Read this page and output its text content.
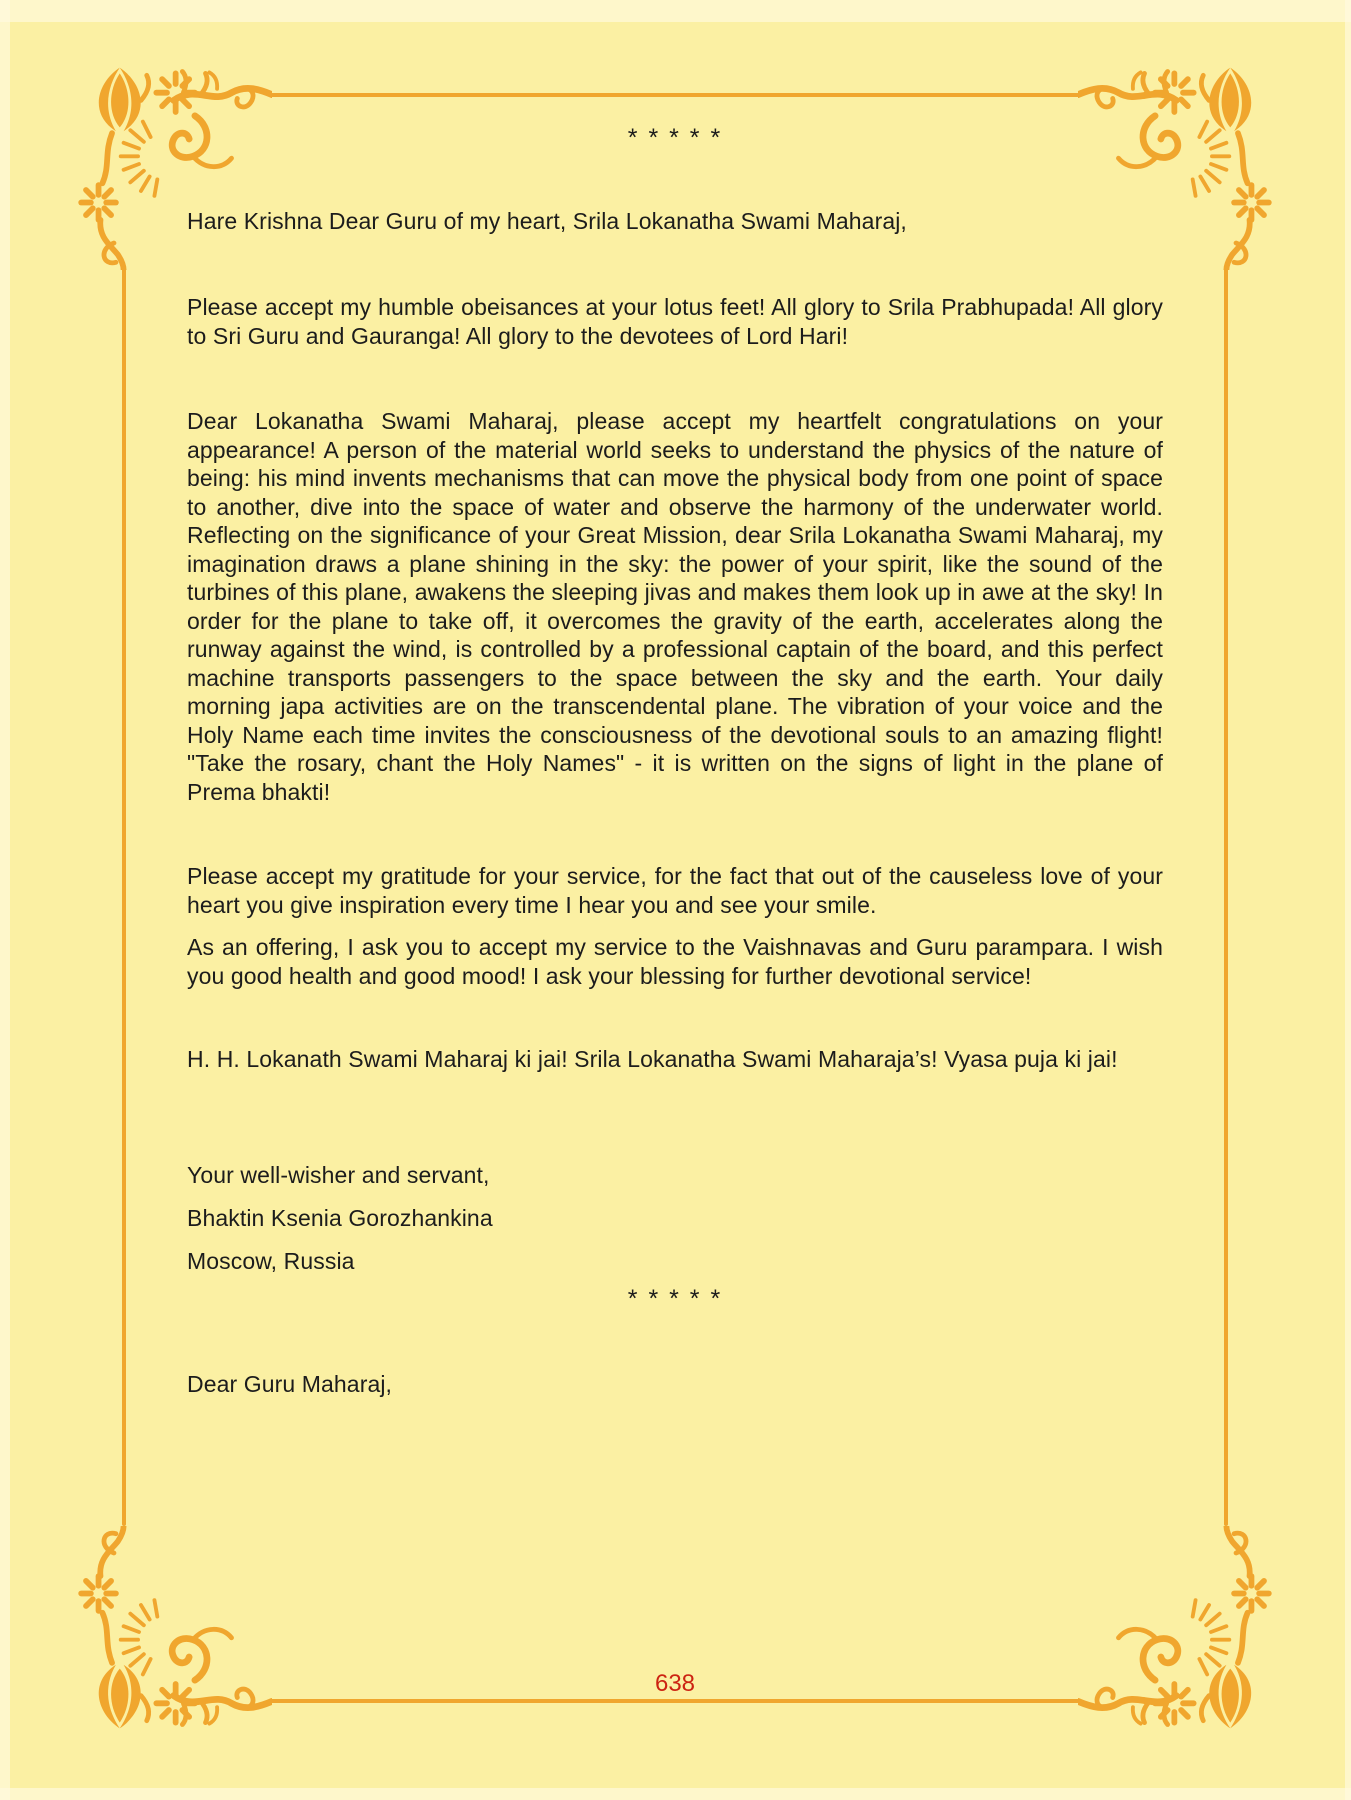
* * * * *

Hare Krishna Dear Guru of my heart, Srila Lokanatha Swami Maharaj,

Please accept my humble obeisances at your lotus feet! All glory to Srila Prabhupada! All glory to Sri Guru and Gauranga! All glory to the devotees of Lord Hari!

Dear Lokanatha Swami Maharaj, please accept my heartfelt congratulations on your appearance! A person of the material world seeks to understand the physics of the nature of being: his mind invents mechanisms that can move the physical body from one point of space to another, dive into the space of water and observe the harmony of the underwater world. Reflecting on the significance of your Great Mission, dear Srila Lokanatha Swami Maharaj, my imagination draws a plane shining in the sky: the power of your spirit, like the sound of the turbines of this plane, awakens the sleeping jivas and makes them look up in awe at the sky! In order for the plane to take off, it overcomes the gravity of the earth, accelerates along the runway against the wind, is controlled by a professional captain of the board, and this perfect machine transports passengers to the space between the sky and the earth. Your daily morning japa activities are on the transcendental plane. The vibration of your voice and the Holy Name each time invites the consciousness of the devotional souls to an amazing flight! "Take the rosary, chant the Holy Names" - it is written on the signs of light in the plane of Prema bhakti!

Please accept my gratitude for your service, for the fact that out of the causeless love of your heart you give inspiration every time I hear you and see your smile.

As an offering, I ask you to accept my service to the Vaishnavas and Guru parampara. I wish you good health and good mood! I ask your blessing for further devotional service!

H. H. Lokanath Swami Maharaj ki jai! Srila Lokanatha Swami Maharaja’s! Vyasa puja ki jai!

Your well-wisher and servant,

Bhaktin Ksenia Gorozhankina

Moscow, Russia

* * * * *

Dear Guru Maharaj,

638
